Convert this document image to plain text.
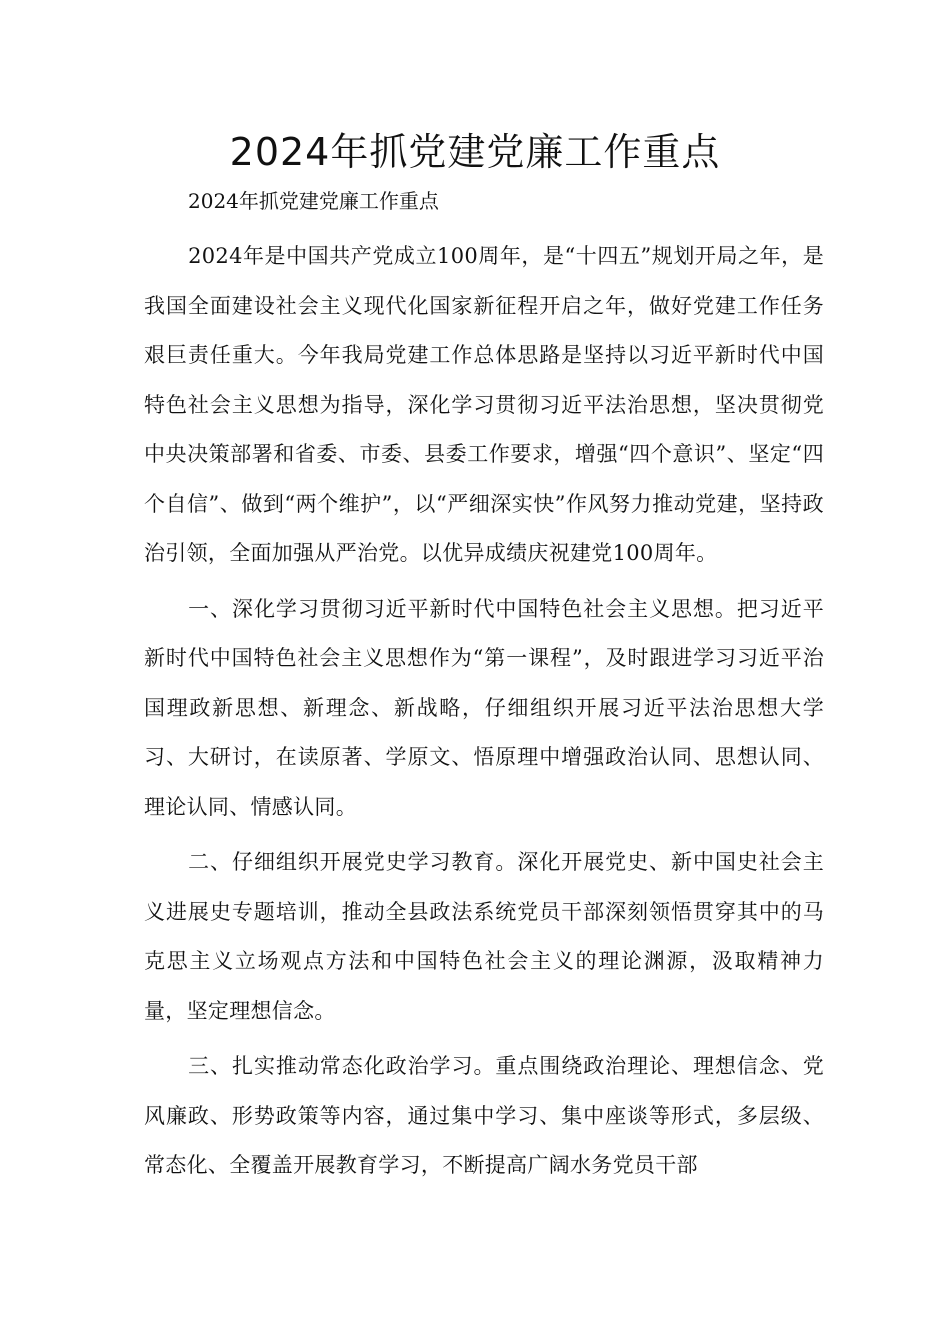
2024年抓党建党廉工作重点

2024年抓党建党廉工作重点

2024年是中国共产党成立100周年，是“十四五”规划开局之年，是我国全面建设社会主义现代化国家新征程开启之年，做好党建工作任务艰巨责任重大。今年我局党建工作总体思路是坚持以习近平新时代中国特色社会主义思想为指导，深化学习贯彻习近平法治思想，坚决贯彻党中央决策部署和省委、市委、县委工作要求，增强“四个意识”、坚定“四个自信”、做到“两个维护”，以“严细深实快”作风努力推动党建，坚持政治引领，全面加强从严治党。以优异成绩庆祝建党100周年。

一、深化学习贯彻习近平新时代中国特色社会主义思想。把习近平新时代中国特色社会主义思想作为“第一课程”，及时跟进学习习近平治国理政新思想、新理念、新战略，仔细组织开展习近平法治思想大学习、大研讨，在读原著、学原文、悟原理中增强政治认同、思想认同、理论认同、情感认同。

二、仔细组织开展党史学习教育。深化开展党史、新中国史社会主义进展史专题培训，推动全县政法系统党员干部深刻领悟贯穿其中的马克思主义立场观点方法和中国特色社会主义的理论渊源，汲取精神力量，坚定理想信念。

三、扎实推动常态化政治学习。重点围绕政治理论、理想信念、党风廉政、形势政策等内容，通过集中学习、集中座谈等形式，多层级、常态化、全覆盖开展教育学习，不断提高广阔水务党员干部
